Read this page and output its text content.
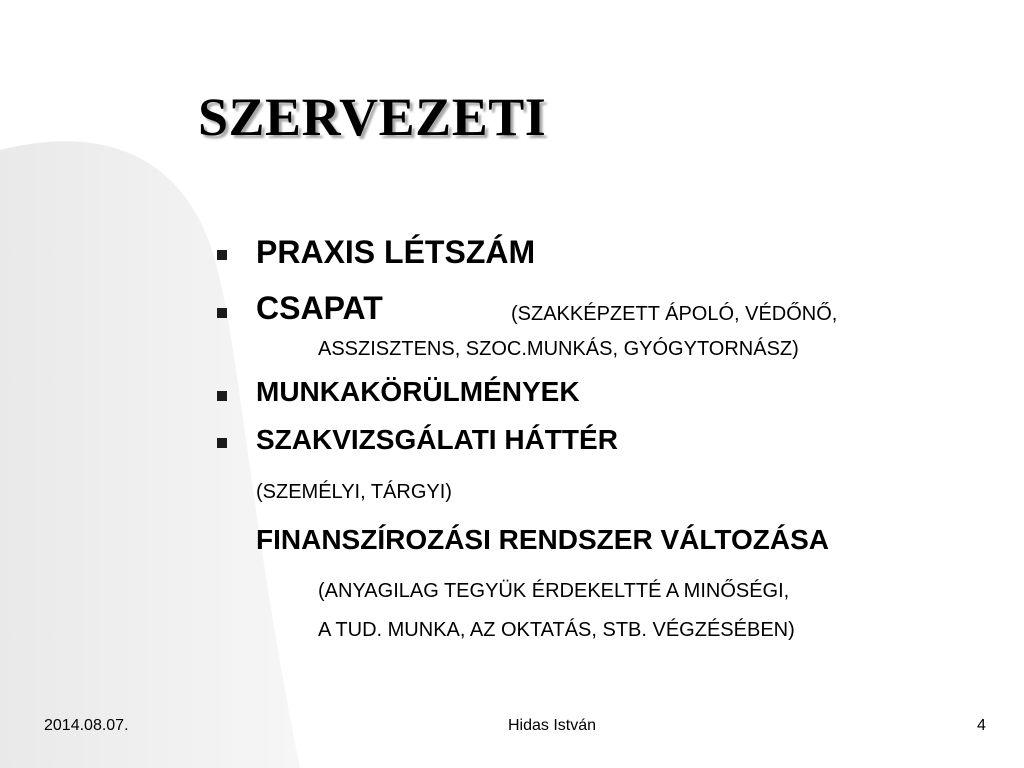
SZERVEZETI
PRAXIS LÉTSZÁM
CSAPAT	(SZAKKÉPZETT ÁPOLÓ, VÉDŐNŐ,
ASSZISZTENS, SZOC.MUNKÁS, GYÓGYTORNÁSZ)
MUNKAKÖRÜLMÉNYEK
SZAKVIZSGÁLATI HÁTTÉR
(SZEMÉLYI, TÁRGYI)
FINANSZÍROZÁSI RENDSZER VÁLTOZÁSA
(ANYAGILAG TEGYÜK ÉRDEKELTTÉ A MINŐSÉGI,
A TUD. MUNKA, AZ OKTATÁS, STB. VÉGZÉSÉBEN)
2014.08.07.	Hidas István	4
